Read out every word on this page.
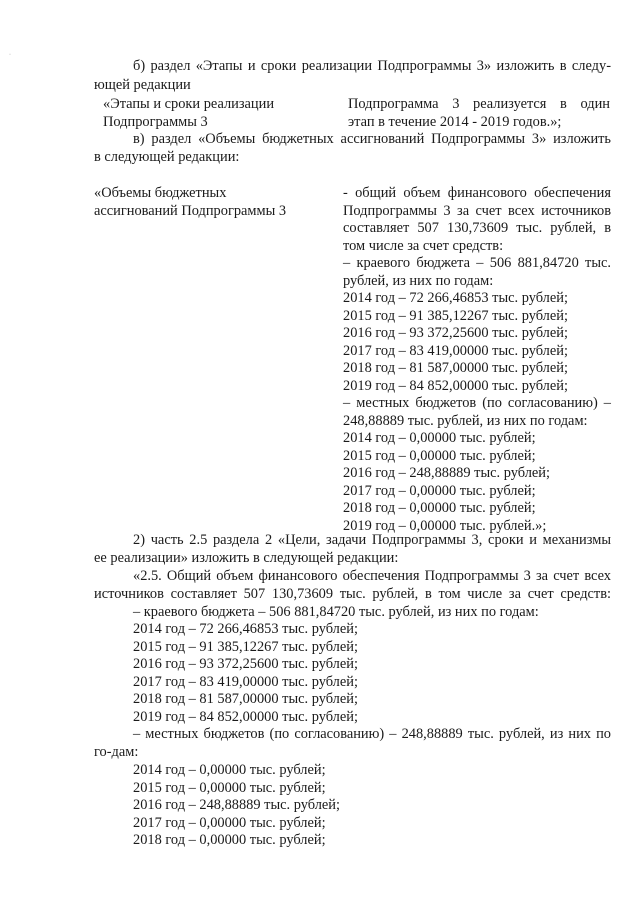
·
б) раздел «Этапы и сроки реализации Подпрограммы 3» изложить в следу-
ющей редакции
«Этапы и сроки реализации
Подпрограммы 3
Подпрограмма 3 реализуется в один
этап в течение 2014 - 2019 годов.»;
в) раздел «Объемы бюджетных ассигнований Подпрограммы 3» изложить
в следующей редакции:
«Объемы бюджетных
ассигнований Подпрограммы 3
- общий объем финансового обеспечения
Подпрограммы 3 за счет всех источников
составляет 507 130,73609 тыс. рублей, в
том числе за счет средств:
– краевого бюджета – 506 881,84720 тыс.
рублей, из них по годам:
2014 год – 72 266,46853 тыс. рублей;
2015 год – 91 385,12267 тыс. рублей;
2016 год – 93 372,25600 тыс. рублей;
2017 год – 83 419,00000 тыс. рублей;
2018 год – 81 587,00000 тыс. рублей;
2019 год – 84 852,00000 тыс. рублей;
– местных бюджетов (по согласованию) –
248,88889 тыс. рублей, из них по годам:
2014 год – 0,00000 тыс. рублей;
2015 год – 0,00000 тыс. рублей;
2016 год – 248,88889 тыс. рублей;
2017 год – 0,00000 тыс. рублей;
2018 год – 0,00000 тыс. рублей;
2019 год – 0,00000 тыс. рублей.»;
2) часть 2.5 раздела 2 «Цели, задачи Подпрограммы 3, сроки и механизмы
ее реализации» изложить в следующей редакции:
«2.5. Общий объем финансового обеспечения Подпрограммы 3 за счет всех
источников составляет 507 130,73609 тыс. рублей, в том числе за счет средств:
– краевого бюджета – 506 881,84720 тыс. рублей, из них по годам:
2014 год – 72 266,46853 тыс. рублей;
2015 год – 91 385,12267 тыс. рублей;
2016 год – 93 372,25600 тыс. рублей;
2017 год – 83 419,00000 тыс. рублей;
2018 год – 81 587,00000 тыс. рублей;
2019 год – 84 852,00000 тыс. рублей;
– местных бюджетов (по согласованию) – 248,88889 тыс. рублей, из них по
го-дам:
2014 год – 0,00000 тыс. рублей;
2015 год – 0,00000 тыс. рублей;
2016 год – 248,88889 тыс. рублей;
2017 год – 0,00000 тыс. рублей;
2018 год – 0,00000 тыс. рублей;
